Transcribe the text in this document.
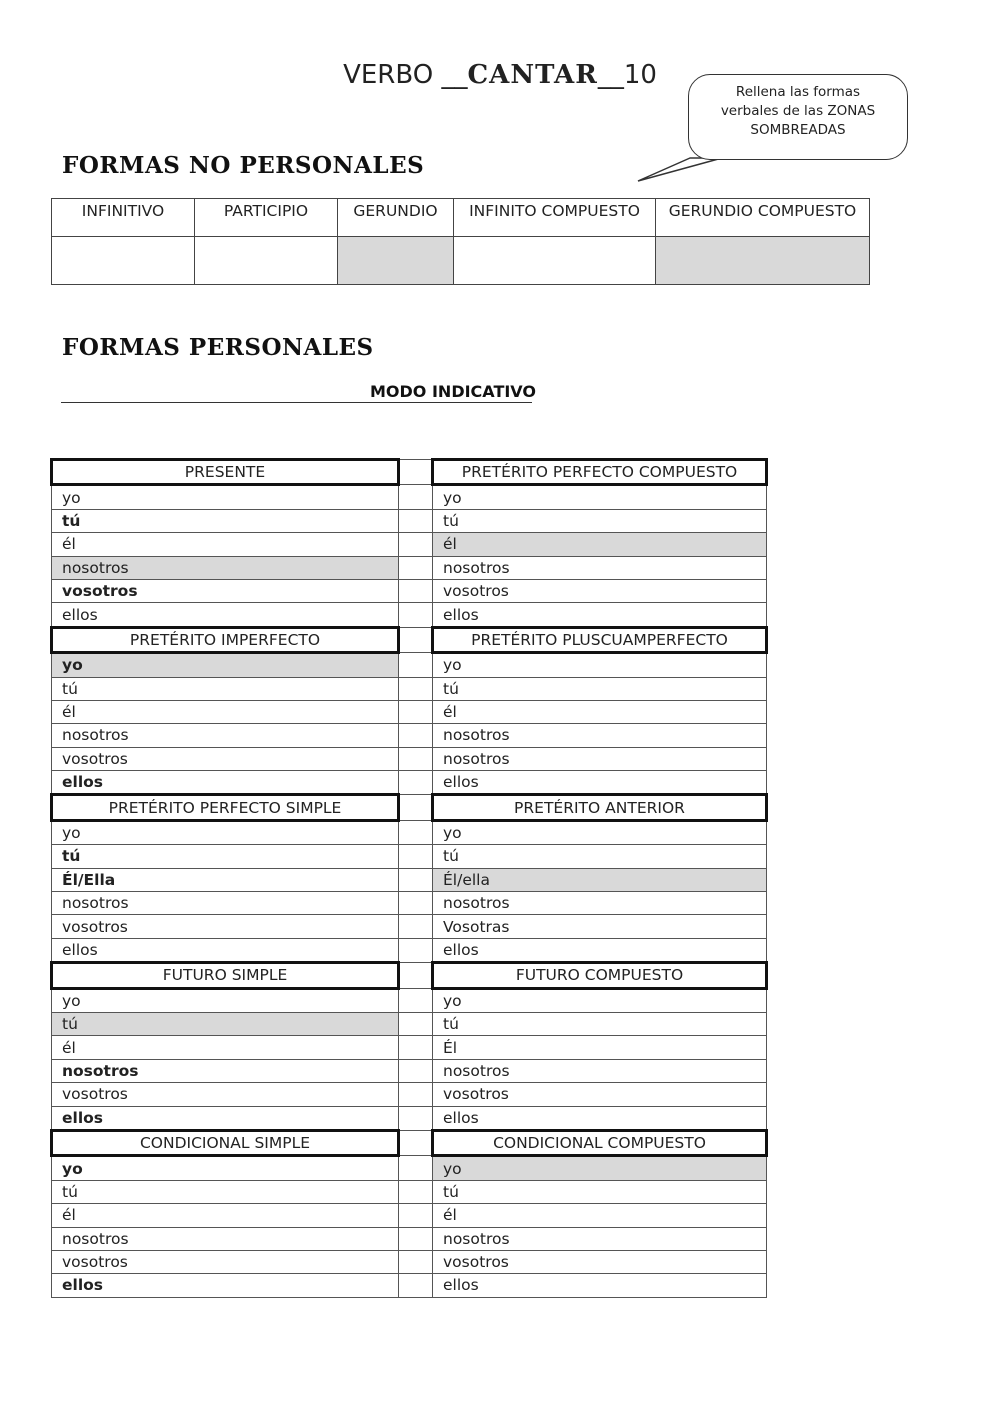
VERBO __CANTAR__10
Rellena las formas
verbales de las ZONAS
SOMBREADAS
FORMAS NO PERSONALES
INFINITIVO	PARTICIPIO	GERUNDIO	INFINITO COMPUESTO	GERUNDIO COMPUESTO

FORMAS PERSONALES
MODO INDICATIVO
PRESENTE		PRETÉRITO PERFECTO COMPUESTO
yo		yo
tú		tú
él		él
nosotros		nosotros
vosotros		vosotros
ellos		ellos
PRETÉRITO IMPERFECTO		PRETÉRITO PLUSCUAMPERFECTO
yo		yo
tú		tú
él		él
nosotros		nosotros
vosotros		nosotros
ellos		ellos
PRETÉRITO PERFECTO SIMPLE		PRETÉRITO ANTERIOR
yo		yo
tú		tú
Él/Ella		Él/ella
nosotros		nosotros
vosotros		Vosotras
ellos		ellos
FUTURO SIMPLE		FUTURO COMPUESTO
yo		yo
tú		tú
él		Él
nosotros		nosotros
vosotros		vosotros
ellos		ellos
CONDICIONAL SIMPLE		CONDICIONAL COMPUESTO
yo		yo
tú		tú
él		él
nosotros		nosotros
vosotros		vosotros
ellos		ellos
